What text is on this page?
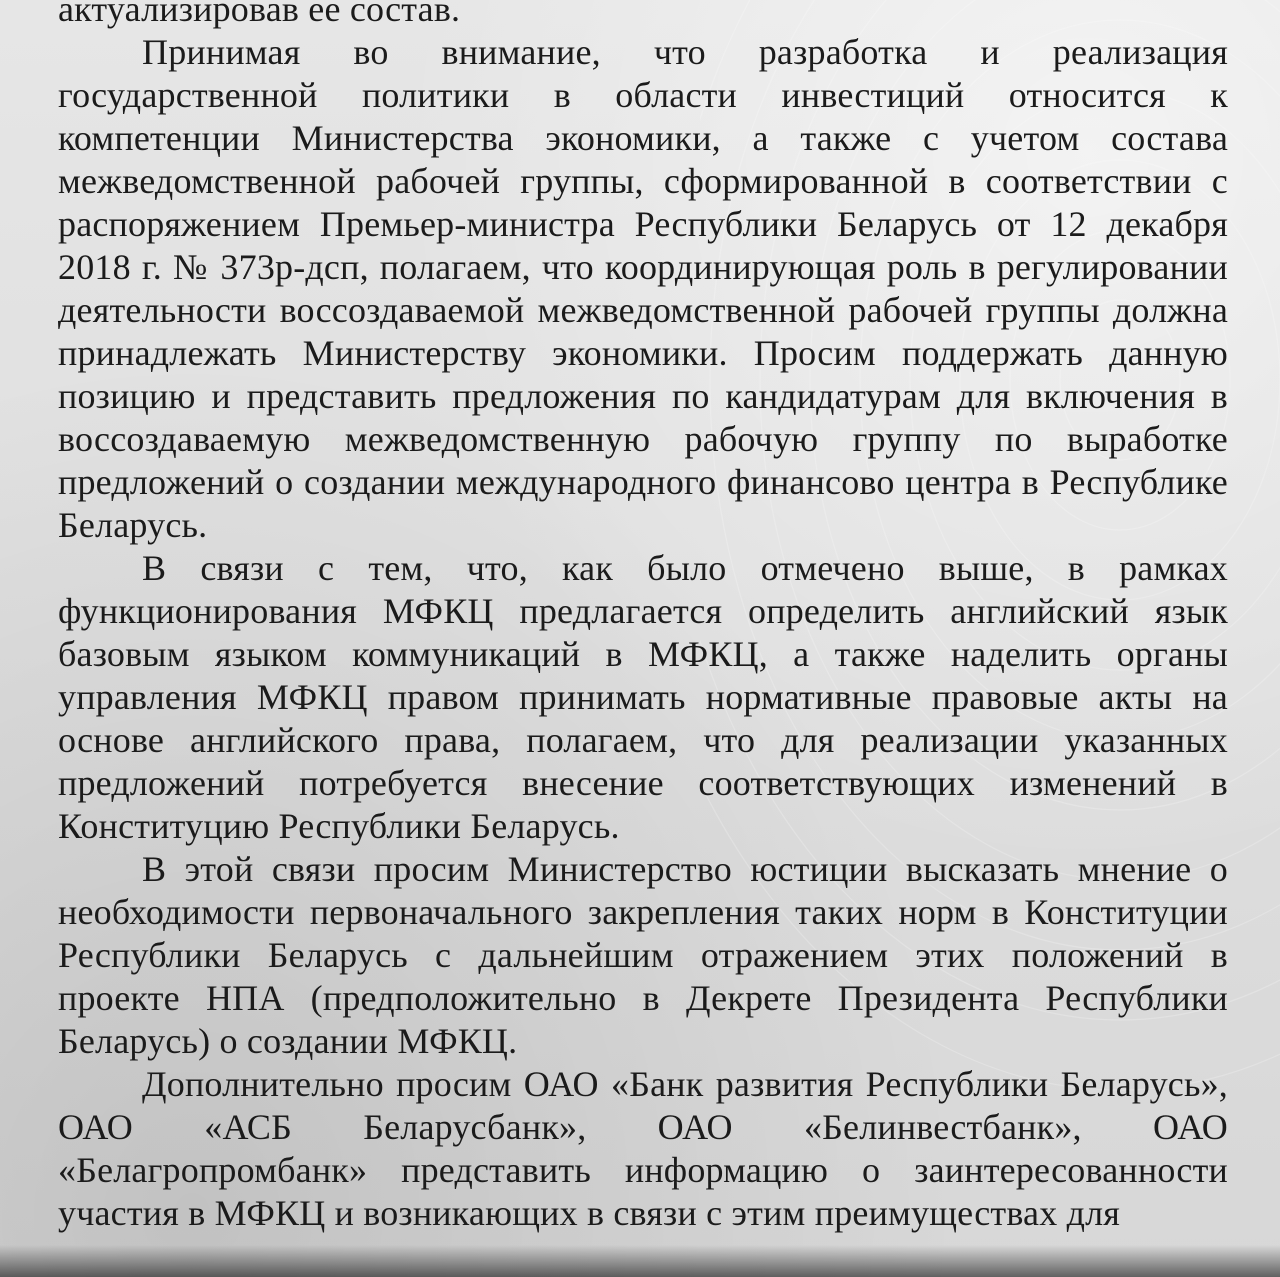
актуализировав ее состав.

Принимая во внимание, что разработка и реализация государственной политики в области инвестиций относится к компетенции Министерства экономики, а также с учетом состава межведомственной рабочей группы, сформированной в соответствии с распоряжением Премьер-министра Республики Беларусь от 12 декабря 2018 г. № 373р-дсп, полагаем, что координирующая роль в регулировании деятельности воссоздаваемой межведомственной рабочей группы должна принадлежать Министерству экономики. Просим поддержать данную позицию и представить предложения по кандидатурам для включения в воссоздаваемую межведомственную рабочую группу по выработке предложений о создании международного финансово центра в Республике Беларусь.

В связи с тем, что, как было отмечено выше, в рамках функционирования МФКЦ предлагается определить английский язык базовым языком коммуникаций в МФКЦ, а также наделить органы управления МФКЦ правом принимать нормативные правовые акты на основе английского права, полагаем, что для реализации указанных предложений потребуется внесение соответствующих изменений в Конституцию Республики Беларусь.

В этой связи просим Министерство юстиции высказать мнение о необходимости первоначального закрепления таких норм в Конституции Республики Беларусь с дальнейшим отражением этих положений в проекте НПА (предположительно в Декрете Президента Республики Беларусь) о создании МФКЦ.

Дополнительно просим ОАО «Банк развития Республики Беларусь», ОАО «АСБ Беларусбанк», ОАО «Белинвестбанк», ОАО «Белагропромбанк» представить информацию о заинтересованности участия в МФКЦ и возникающих в связи с этим преимуществах для
